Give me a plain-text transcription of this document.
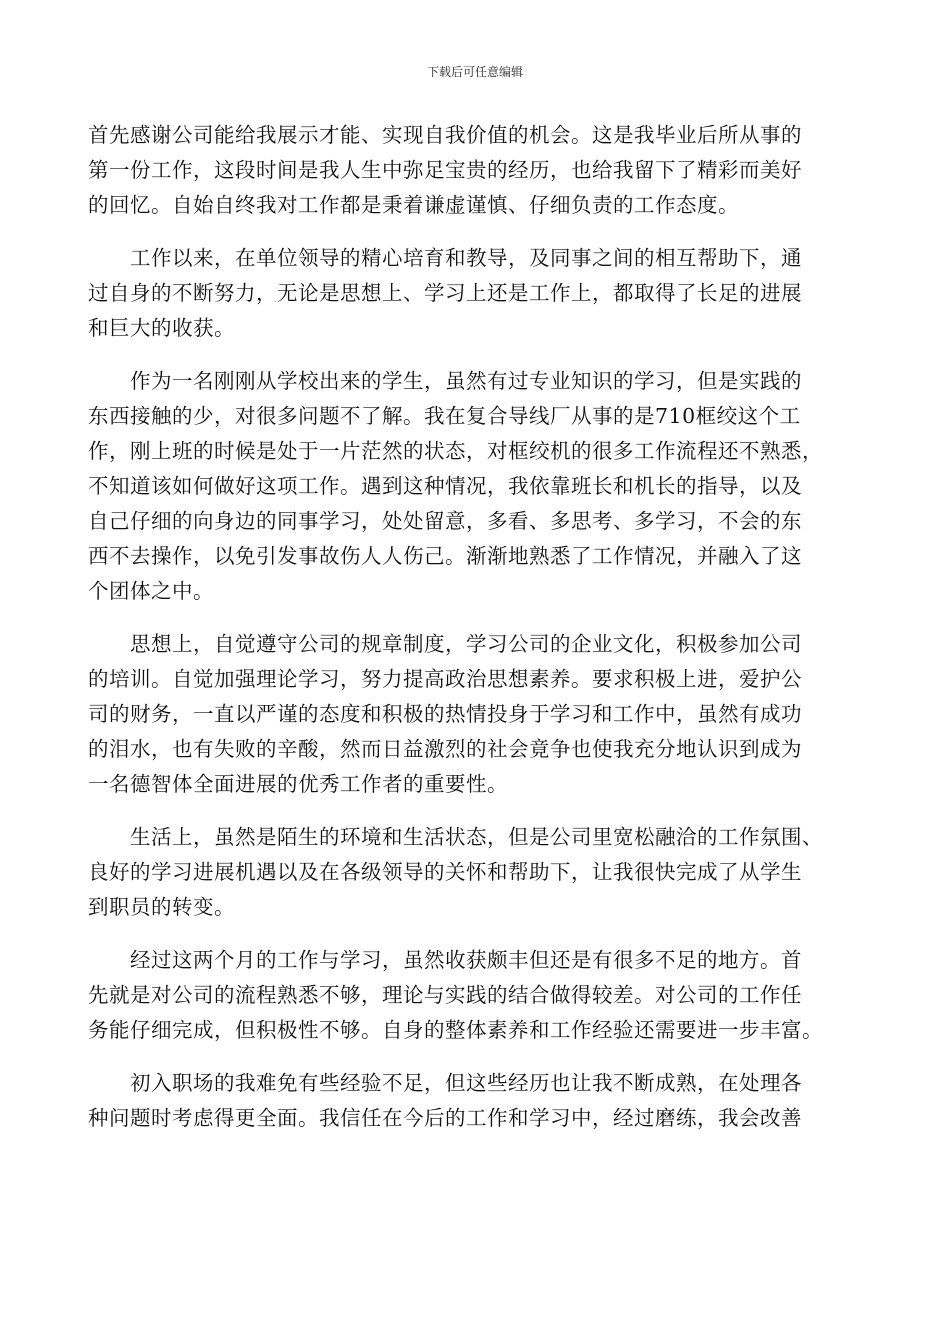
下载后可任意编辑

首先感谢公司能给我展示才能、实现自我价值的机会。这是我毕业后所从事的
第一份工作，这段时间是我人生中弥足宝贵的经历，也给我留下了精彩而美好
的回忆。自始自终我对工作都是秉着谦虚谨慎、仔细负责的工作态度。

　　工作以来，在单位领导的精心培育和教导，及同事之间的相互帮助下，通
过自身的不断努力，无论是思想上、学习上还是工作上，都取得了长足的进展
和巨大的收获。

　　作为一名刚刚从学校出来的学生，虽然有过专业知识的学习，但是实践的
东西接触的少，对很多问题不了解。我在复合导线厂从事的是710框绞这个工
作，刚上班的时候是处于一片茫然的状态，对框绞机的很多工作流程还不熟悉，
不知道该如何做好这项工作。遇到这种情况，我依靠班长和机长的指导，以及
自己仔细的向身边的同事学习，处处留意，多看、多思考、多学习，不会的东
西不去操作，以免引发事故伤人人伤己。渐渐地熟悉了工作情况，并融入了这
个团体之中。

　　思想上，自觉遵守公司的规章制度，学习公司的企业文化，积极参加公司
的培训。自觉加强理论学习，努力提高政治思想素养。要求积极上进，爱护公
司的财务，一直以严谨的态度和积极的热情投身于学习和工作中，虽然有成功
的泪水，也有失败的辛酸，然而日益激烈的社会竟争也使我充分地认识到成为
一名德智体全面进展的优秀工作者的重要性。

　　生活上，虽然是陌生的环境和生活状态，但是公司里宽松融洽的工作氛围、
良好的学习进展机遇以及在各级领导的关怀和帮助下，让我很快完成了从学生
到职员的转变。

　　经过这两个月的工作与学习，虽然收获颇丰但还是有很多不足的地方。首
先就是对公司的流程熟悉不够，理论与实践的结合做得较差。对公司的工作任
务能仔细完成，但积极性不够。自身的整体素养和工作经验还需要进一步丰富。

　　初入职场的我难免有些经验不足，但这些经历也让我不断成熟，在处理各
种问题时考虑得更全面。我信任在今后的工作和学习中，经过磨练，我会改善
